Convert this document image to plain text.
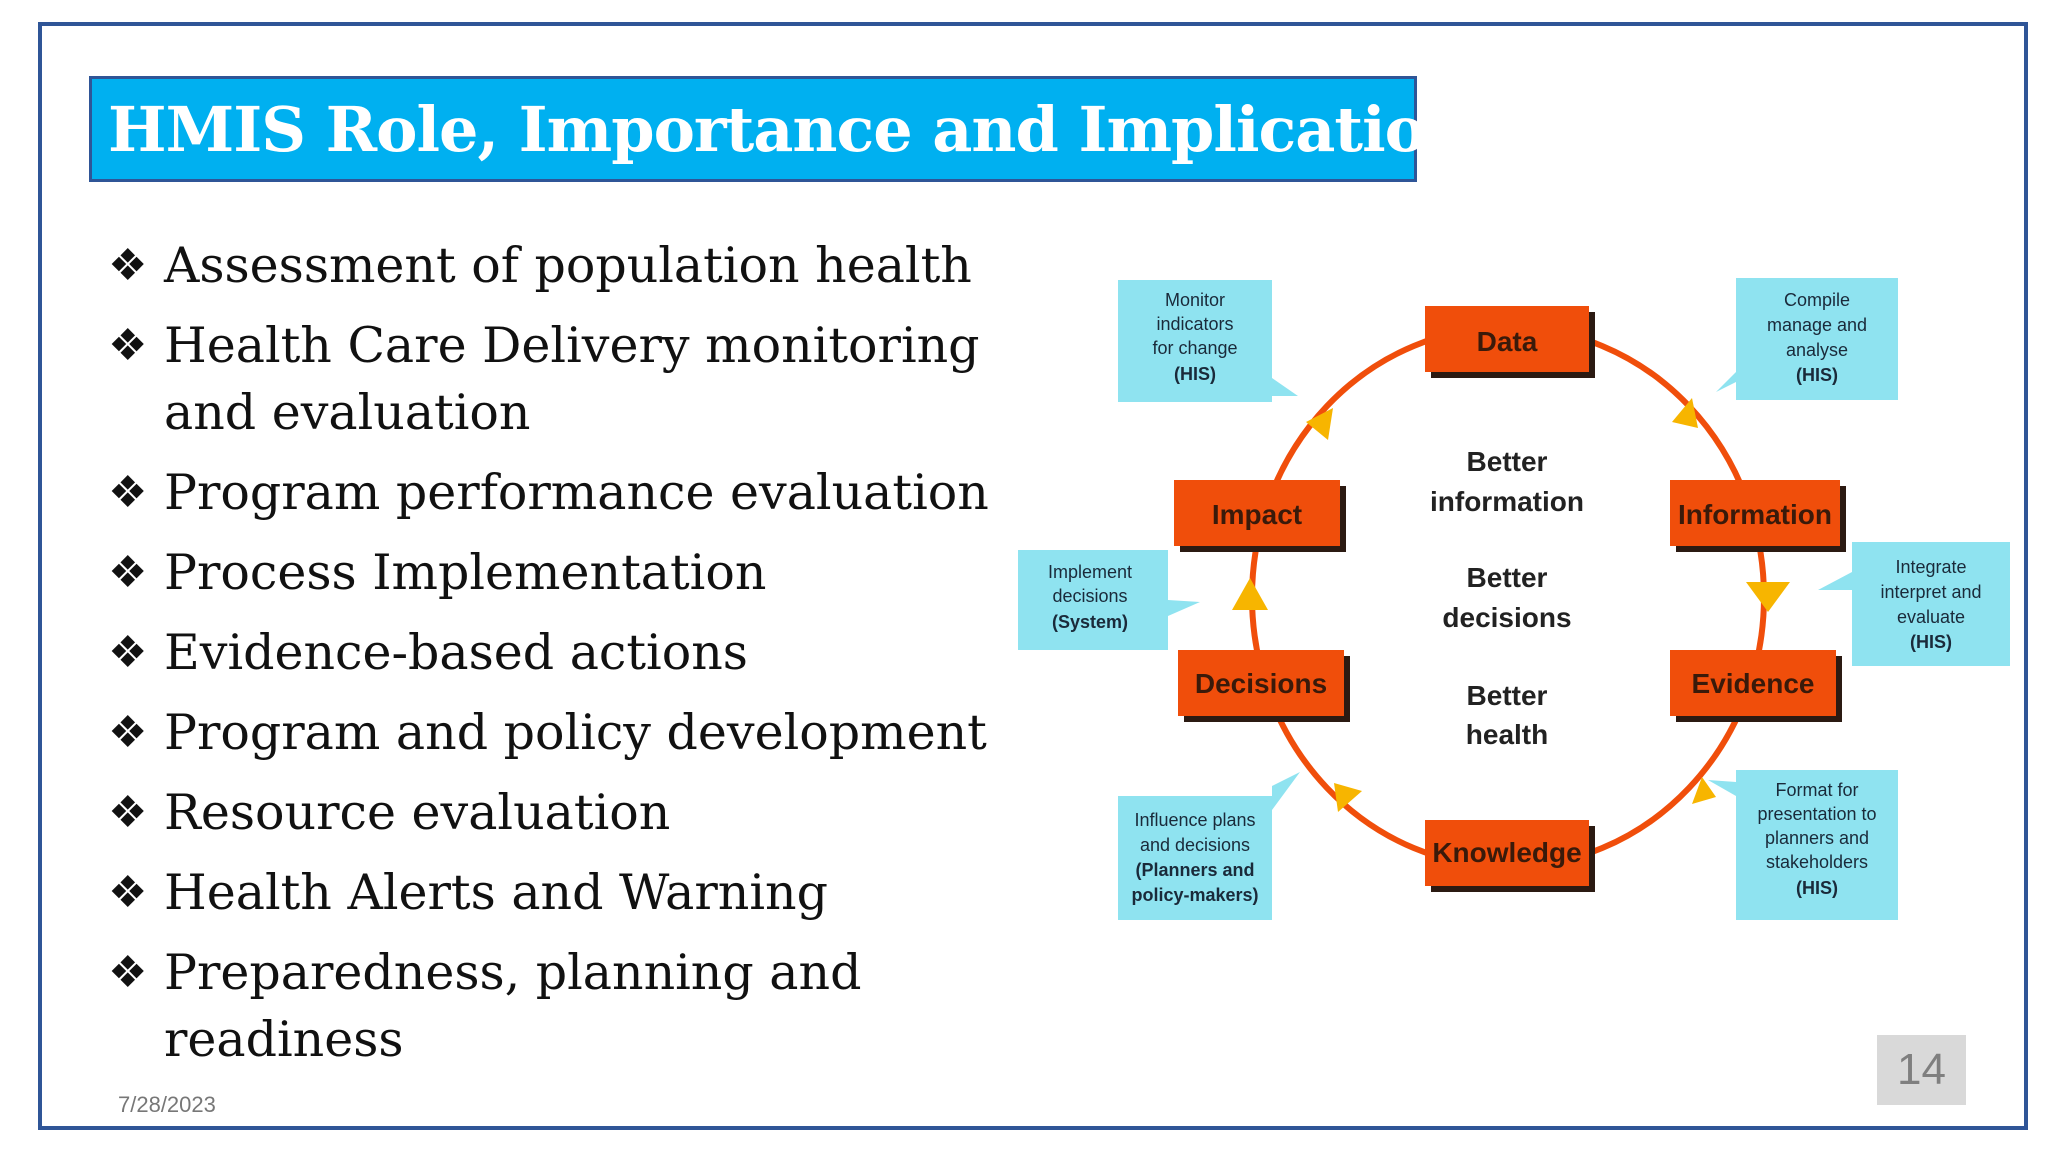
HMIS Role, Importance and Implications
❖ Assessment of population health
❖ Health Care Delivery monitoring and evaluation
❖ Program performance evaluation
❖ Process Implementation
❖ Evidence-based actions
❖ Program and policy development
❖ Resource evaluation
❖ Health Alerts and Warning
❖ Preparedness, planning and readiness
Data
Information
Evidence
Knowledge
Decisions
Impact
Better
information
Better
decisions
Better
health
Monitor
indicators
for change
(HIS)
Compile
manage and
analyse
(HIS)
Integrate
interpret and
evaluate
(HIS)
Format for
presentation to
planners and
stakeholders
(HIS)
Influence plans
and decisions
(Planners and
policy-makers)
Implement
decisions
(System)
7/28/2023
14
